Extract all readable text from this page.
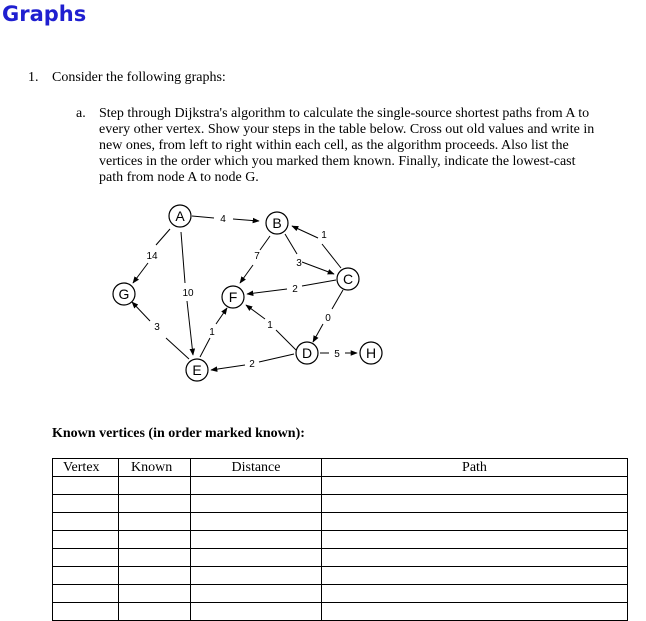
Graphs
1. Consider the following graphs:
a. Step through Dijkstra's algorithm to calculate the single-source shortest paths from A to
every other vertex. Show your steps in the table below. Cross out old values and write in
new ones, from left to right within each cell, as the algorithm proceeds. Also list the
vertices in the order which you marked them known. Finally, indicate the lowest-cast
path from node A to node G.
4
14
10
1
7
3
2
0
1
2
5
1
3
A	B
C
D
E
F
G
H
Known vertices (in order marked known):
Vertex	Known	Distance	Path
